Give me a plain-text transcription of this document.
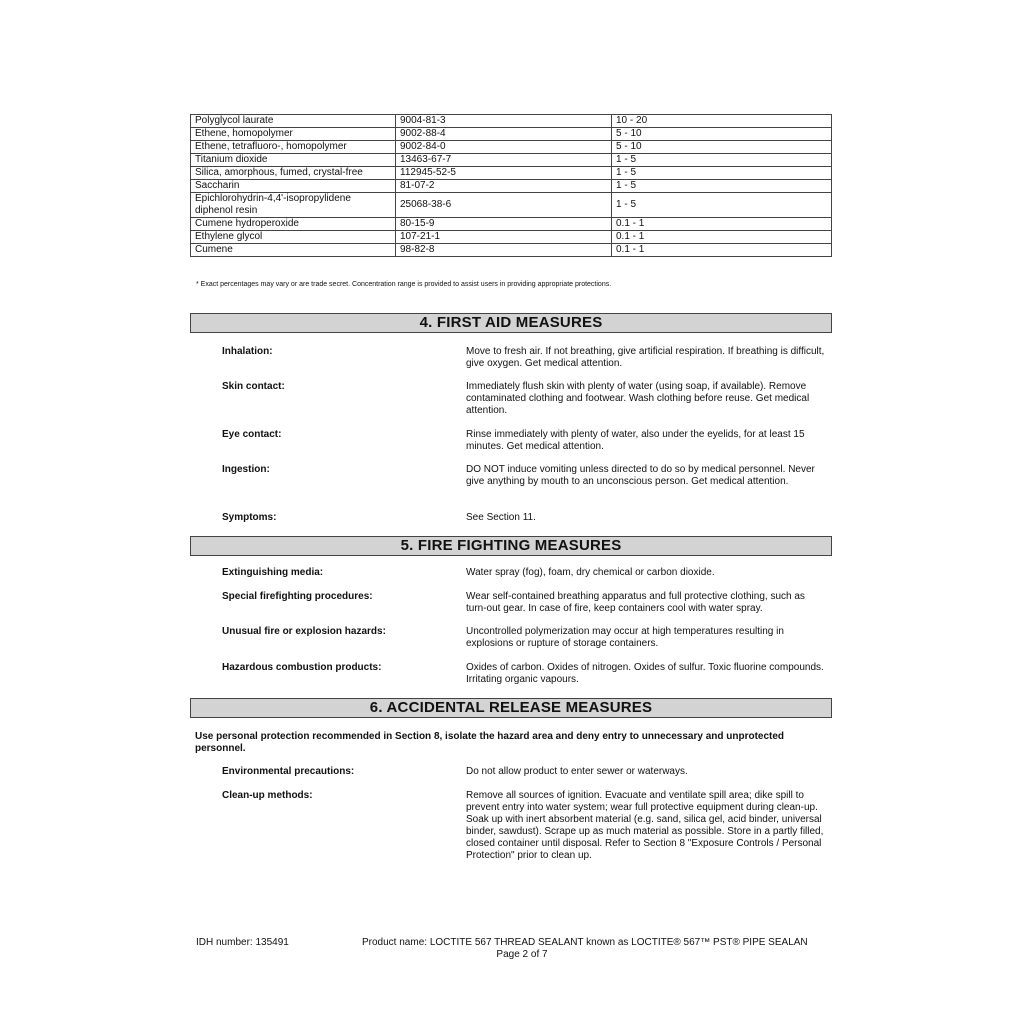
Polyglycol laurate	9004-81-3	10 - 20
Ethene, homopolymer	9002-88-4	5 - 10
Ethene, tetrafluoro-, homopolymer	9002-84-0	5 - 10
Titanium dioxide	13463-67-7	1 - 5
Silica, amorphous, fumed, crystal-free	112945-52-5	1 - 5
Saccharin	81-07-2	1 - 5
Epichlorohydrin-4,4'-isopropylidene diphenol resin	25068-38-6	1 - 5
Cumene hydroperoxide	80-15-9	0.1 - 1
Ethylene glycol	107-21-1	0.1 - 1
Cumene	98-82-8	0.1 - 1
* Exact percentages may vary or are trade secret. Concentration range is provided to assist users in providing appropriate protections.
4. FIRST AID MEASURES
Inhalation:	Move to fresh air. If not breathing, give artificial respiration. If breathing is difficult, give oxygen. Get medical attention.
Skin contact:	Immediately flush skin with plenty of water (using soap, if available). Remove contaminated clothing and footwear. Wash clothing before reuse. Get medical attention.
Eye contact:	Rinse immediately with plenty of water, also under the eyelids, for at least 15 minutes. Get medical attention.
Ingestion:	DO NOT induce vomiting unless directed to do so by medical personnel. Never give anything by mouth to an unconscious person. Get medical attention.
Symptoms:	See Section 11.
5. FIRE FIGHTING MEASURES
Extinguishing media:	Water spray (fog), foam, dry chemical or carbon dioxide.
Special firefighting procedures:	Wear self-contained breathing apparatus and full protective clothing, such as turn-out gear. In case of fire, keep containers cool with water spray.
Unusual fire or explosion hazards:	Uncontrolled polymerization may occur at high temperatures resulting in explosions or rupture of storage containers.
Hazardous combustion products:	Oxides of carbon. Oxides of nitrogen. Oxides of sulfur. Toxic fluorine compounds. Irritating organic vapours.
6. ACCIDENTAL RELEASE MEASURES
Use personal protection recommended in Section 8, isolate the hazard area and deny entry to unnecessary and unprotected personnel.
Environmental precautions:	Do not allow product to enter sewer or waterways.
Clean-up methods:	Remove all sources of ignition. Evacuate and ventilate spill area; dike spill to prevent entry into water system; wear full protective equipment during clean-up. Soak up with inert absorbent material (e.g. sand, silica gel, acid binder, universal binder, sawdust). Scrape up as much material as possible. Store in a partly filled, closed container until disposal. Refer to Section 8 "Exposure Controls / Personal Protection" prior to clean up.
IDH number: 135491	Product name: LOCTITE 567 THREAD SEALANT known as LOCTITE® 567™ PST® PIPE SEALAN
Page 2 of 7
